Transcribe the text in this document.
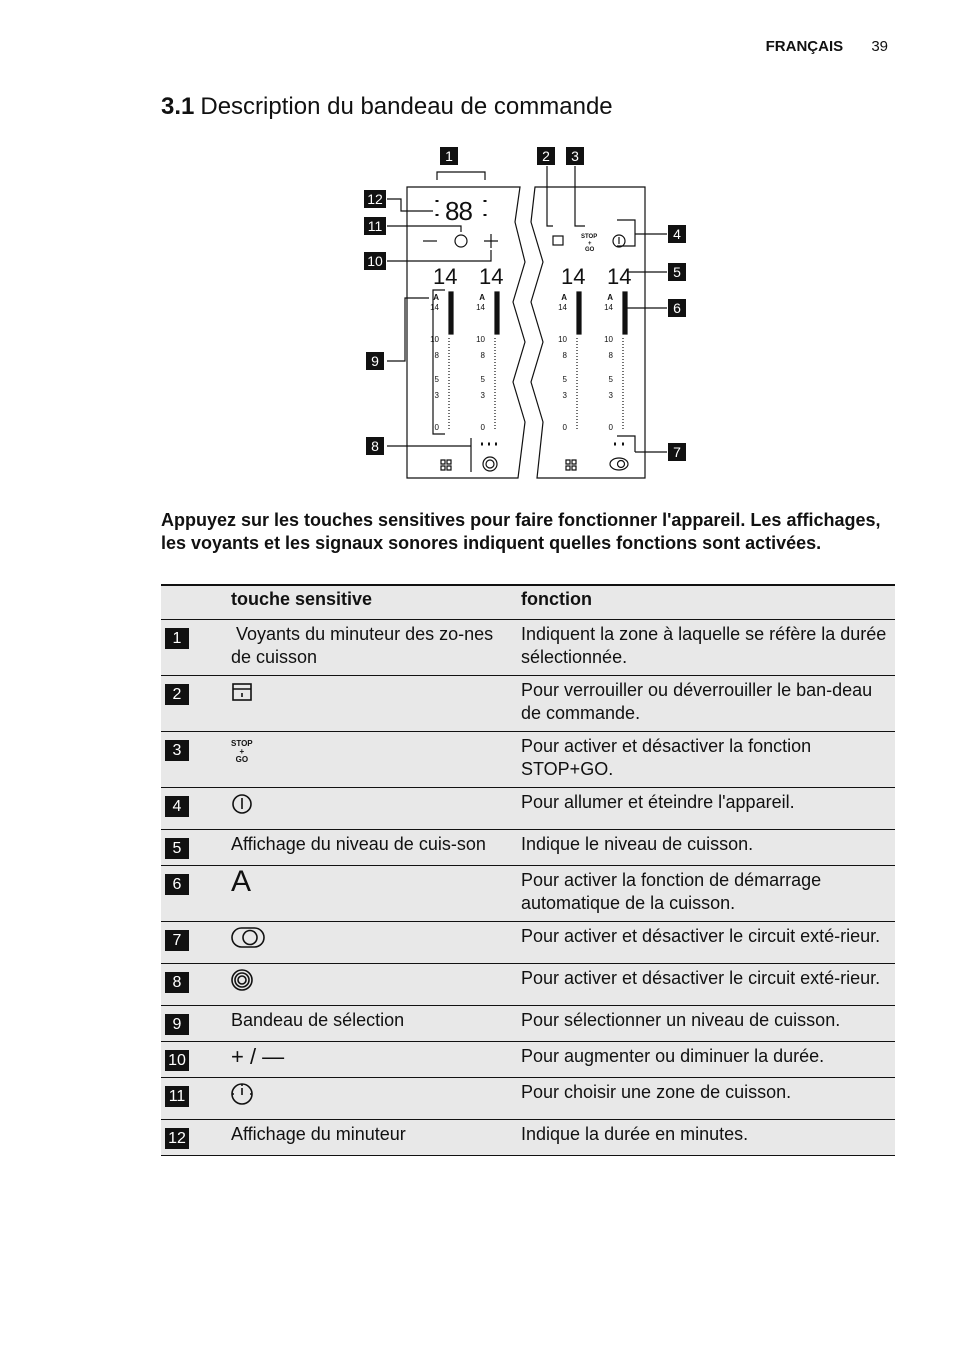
FRANÇAIS 39
3.1 Description du bandeau de commande
88
14 14	14 14
STOP
+
GO
A
14
10
8
5
3
0
A
14
10
8
5
3
0
A
14
10
8
5
3
0
A
14
10
8
5
3
0
1	2 3
4
5
6
7
8
9
10
11
12

Appuyez sur les touches sensitives pour faire fonctionner l'appareil. Les affichages, les voyants et les signaux sonores indiquent quelles fonctions sont activées.

	touche sensitive	fonction
1	Voyants du minuteur des zo-nes de cuisson	Indiquent la zone à laquelle se réfère la durée sélectionnée.
2		Pour verrouiller ou déverrouiller le ban-deau de commande.
3	STOP
+
GO	Pour activer et désactiver la fonction STOP+GO.
4		Pour allumer et éteindre l'appareil.
5	Affichage du niveau de cuis-son	Indique le niveau de cuisson.
6	A	Pour activer la fonction de démarrage automatique de la cuisson.
7		Pour activer et désactiver le circuit exté-rieur.
8		Pour activer et désactiver le circuit exté-rieur.
9	Bandeau de sélection	Pour sélectionner un niveau de cuisson.
10	+ / —	Pour augmenter ou diminuer la durée.
11		Pour choisir une zone de cuisson.
12	Affichage du minuteur	Indique la durée en minutes.
